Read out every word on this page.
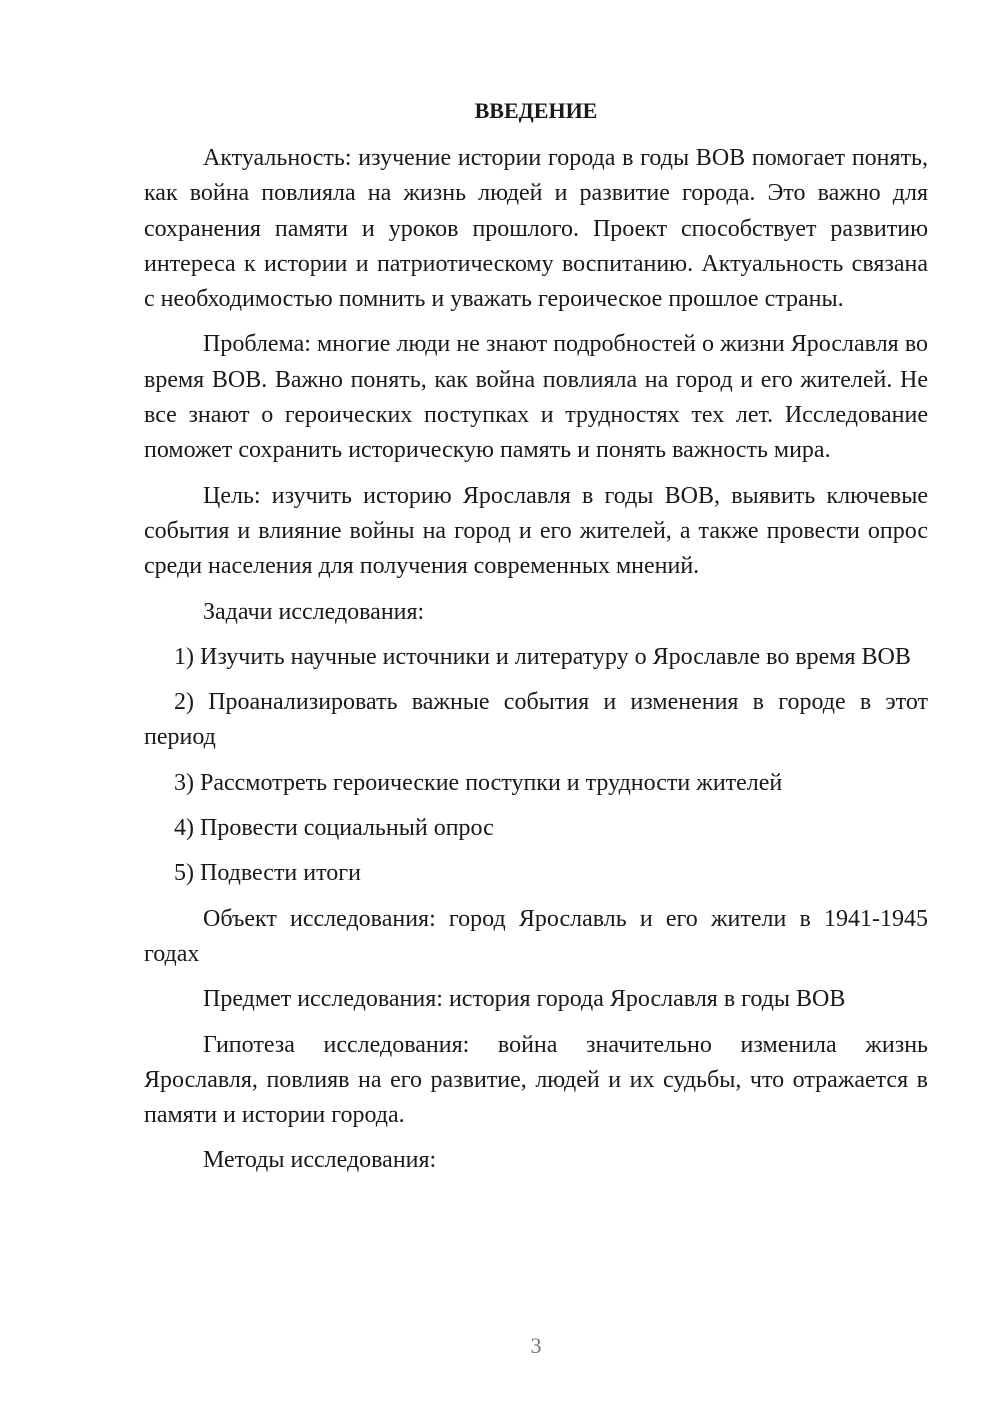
ВВЕДЕНИЕ

Актуальность: изучение истории города в годы ВОВ помогает понять, как война повлияла на жизнь людей и развитие города. Это важно для сохранения памяти и уроков прошлого. Проект способствует развитию интереса к истории и патриотическому воспитанию. Актуальность связана с необходимостью помнить и уважать героическое прошлое страны.

Проблема: многие люди не знают подробностей о жизни Ярославля во время ВОВ. Важно понять, как война повлияла на город и его жителей. Не все знают о героических поступках и трудностях тех лет. Исследование поможет сохранить историческую память и понять важность мира.

Цель: изучить историю Ярославля в годы ВОВ, выявить ключевые события и влияние войны на город и его жителей, а также провести опрос среди населения для получения современных мнений.

Задачи исследования:

1) Изучить научные источники и литературу о Ярославле во время ВОВ

2) Проанализировать важные события и изменения в городе в этот период

3) Рассмотреть героические поступки и трудности жителей

4) Провести социальный опрос

5) Подвести итоги

Объект исследования: город Ярославль и его жители в 1941-1945 годах

Предмет исследования: история города Ярославля в годы ВОВ

Гипотеза исследования: война значительно изменила жизнь Ярославля, повлияв на его развитие, людей и их судьбы, что отражается в памяти и истории города.

Методы исследования:

3
